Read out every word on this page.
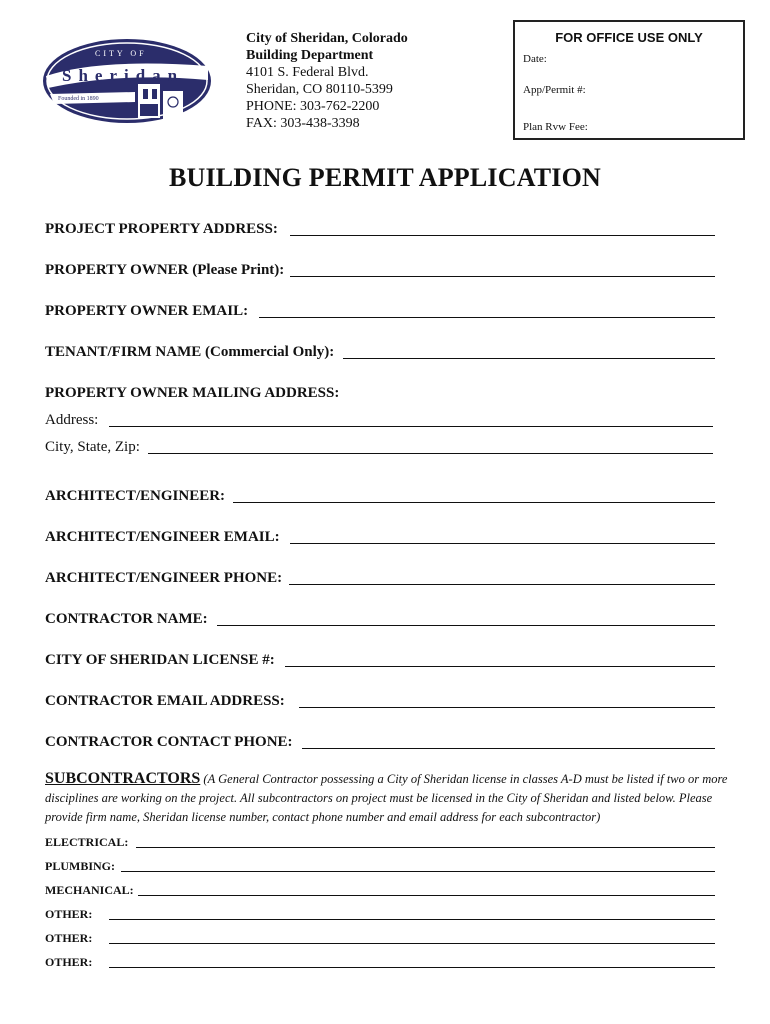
CITY OF
Sheridan
Founded in 1890
City of Sheridan, Colorado
Building Department
4101 S. Federal Blvd.
Sheridan, CO 80110-5399
PHONE: 303-762-2200
FAX: 303-438-3398
FOR OFFICE USE ONLY
Date:
App/Permit #:
Plan Rvw Fee:
BUILDING PERMIT APPLICATION
PROJECT PROPERTY ADDRESS:
PROPERTY OWNER (Please Print):
PROPERTY OWNER EMAIL:
TENANT/FIRM NAME (Commercial Only):
PROPERTY OWNER MAILING ADDRESS:
Address:
City, State, Zip:
ARCHITECT/ENGINEER:
ARCHITECT/ENGINEER EMAIL:
ARCHITECT/ENGINEER PHONE:
CONTRACTOR NAME:
CITY OF SHERIDAN LICENSE #:
CONTRACTOR EMAIL ADDRESS:
CONTRACTOR CONTACT PHONE:
SUBCONTRACTORS (A General Contractor possessing a City of Sheridan license in classes A-D must be listed if two or more disciplines are working on the project. All subcontractors on project must be licensed in the City of Sheridan and listed below. Please provide firm name, Sheridan license number, contact phone number and email address for each subcontractor)
ELECTRICAL:
PLUMBING:
MECHANICAL:
OTHER:
OTHER:
OTHER:
